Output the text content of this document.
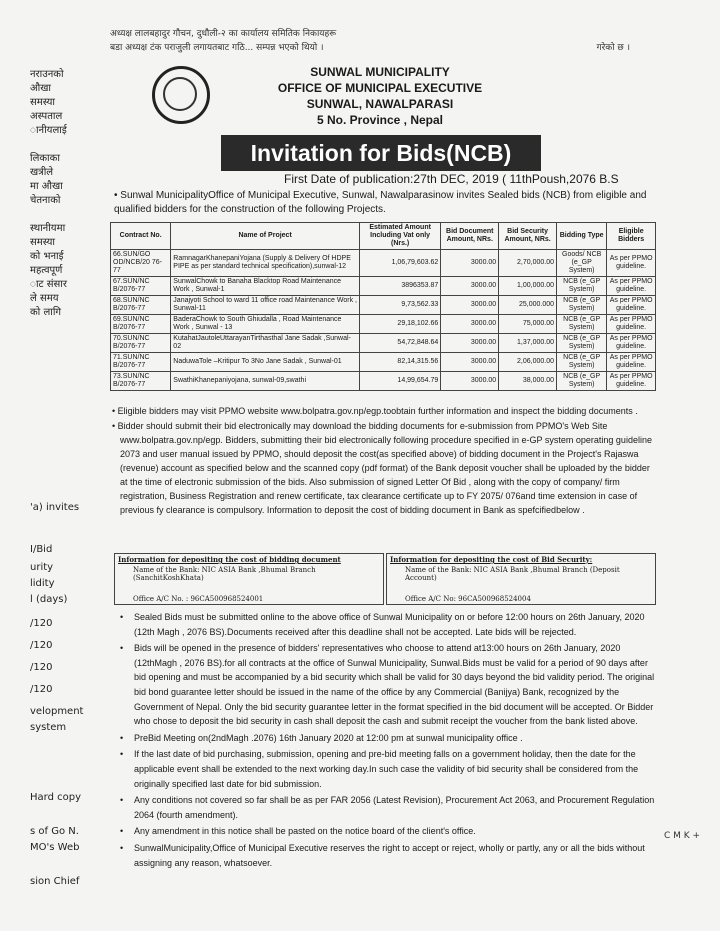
अध्यक्ष लालबहादुर गौचन, दुधौली-२ का कार्यालय समितिक निकायहरू
बडा अध्यक्ष टंक पराजुली लगायतबाट गठि... सम्पन्न भएको थियो ।	गरेको छ ।
नराउनको
औखा
समस्या
अस्पताल
ानीयलाई
लिकाका
खत्रीले
मा औखा
चेतनाको
स्थानीयमा
समस्या
को भनाई
महत्वपूर्ण
ाट संसार
ले समय
को लागि
'a) invites
I/Bid
urity
lidity
l (days)
/120
/120
/120
/120
velopment
system
Hard copy
s of Go N.
MO's Web
sion Chief
SUNWAL MUNICIPALITY
OFFICE OF MUNICIPAL EXECUTIVE
SUNWAL, NAWALPARASI
5 No. Province , Nepal
Invitation for Bids(NCB)
First Date of publication:27th DEC, 2019 ( 11thPoush,2076 B.S
• Sunwal MunicipalityOffice of Municipal Executive, Sunwal, Nawalparasinow invites Sealed bids (NCB) from eligible and qualified bidders for the construction of the following Projects.
Contract No.	Name of Project	Estimated Amount Including Vat only (Nrs.)	Bid Document Amount, NRs.	Bid Security Amount, NRs.	Bidding Type	Eligible Bidders
66.SUN/GO OD/NCB/20 76-77	RamnagarKhanepaniYojana (Supply & Delivery Of HDPE PIPE as per standard technical specification),sunwal-12	1,06,79,603.62	3000.00	2,70,000.00	Goods/ NCB (e_GP System)	As per PPMO guideline.
67.SUN/NC B/2076-77	SunwalChowk to Banaha Blacktop Road Maintenance Work , Sunwal-1	3896353.87	3000.00	1,00,000.00	NCB (e_GP System)	As per PPMO guideline.
68.SUN/NC B/2076-77	Janajyoti School to ward 11 office road Maintenance Work , Sunwal-11	9,73,562.33	3000.00	25,000.000	NCB (e_GP System)	As per PPMO guideline.
69.SUN/NC B/2076-77	BaderaChowk to South Ghiudalla , Road Maintenance Work , Sunwal - 13	29,18,102.66	3000.00	75,000.00	NCB (e_GP System)	As per PPMO guideline.
70.SUN/NC B/2076-77	KutahatJautoleUttarayanTirthasthal Jane Sadak ,Sunwal-02	54,72,848.64	3000.00	1,37,000.00	NCB (e_GP System)	As per PPMO guideline.
71.SUN/NC B/2076-77	NaduwaTole –Kritipur To 3No Jane Sadak , Sunwal-01	82,14,315.56	3000.00	2,06,000.00	NCB (e_GP System)	As per PPMO guideline.
73.SUN/NC B/2076-77	SwathiKhanepaniyojana, sunwal-09,swathi	14,99,654.79	3000.00	38,000.00	NCB (e_GP System)	As per PPMO guideline.

• Eligible bidders may visit PPMO website www.bolpatra.gov.np/egp.toobtain further information and inspect the bidding documents .

• Bidder should submit their bid electronically may download the bidding documents for e-submission from PPMO's Web Site www.bolpatra.gov.np/egp. Bidders, submitting their bid electronically following procedure specified in e-GP system operating guideline 2073 and user manual issued by PPMO, should deposit the cost(as specified above) of bidding document in the Project's Rajaswa (revenue) account as specified below and the scanned copy (pdf format) of the Bank deposit voucher shall be uploaded by the bidder at the time of electronic submission of the bids. Also submission of signed Letter Of Bid , along with the copy of company/ firm registration, Business Registration and renew certificate, tax clearance certificate up to FY 2075/ 076and time extension in case of previous fy clearance is compulsory. Information to deposit the cost of bidding document in Bank as spefcifiedbelow .

Information for depositing the cost of bidding document
Name of the Bank: NIC ASIA Bank ,Bhumal Branch (SanchitKoshKhata)
Office A/C No. : 96CA500968524001
Information for depositing the cost of Bid Security:
Name of the Bank: NIC ASIA Bank ,Bhumal Branch (Deposit Account)
Office A/C No: 96CA500968524004

• Sealed Bids must be submitted online to the above office of Sunwal Municipality on or before 12:00 hours on 26th January, 2020 (12th Magh , 2076 BS).Documents received after this deadline shall not be accepted. Late bids will be rejected.

• Bids will be opened in the presence of bidders' representatives who choose to attend at13:00 hours on 26th January, 2020 (12thMagh , 2076 BS).for all contracts at the office of Sunwal Municipality, Sunwal.Bids must be valid for a period of 90 days after bid opening and must be accompanied by a bid security which shall be valid for 30 days beyond the bid validity period. The original bid bond guarantee letter should be issued in the name of the office by any Commercial (Banijya) Bank, recognized by the Government of Nepal. Only the bid security guarantee letter in the format specified in the bid document will be accepted. Or Bidder who chose to deposit the bid security in cash shall deposit the cash and submit receipt the voucher from the bank listed above.

• PreBid Meeting on(2ndMagh .2076) 16th January 2020 at 12:00 pm at sunwal municipality office .

• If the last date of bid purchasing, submission, opening and pre-bid meeting falls on a government holiday, then the date for the applicable event shall be extended to the next working day.In such case the validity of bid security shall be considered from the originally specified last date for bid submission.

• Any conditions not covered so far shall be as per FAR 2056 (Latest Revision), Procurement Act 2063, and Procurement Regulation 2064 (fourth amendment).

• Any amendment in this notice shall be pasted on the notice board of the client's office.

• SunwalMunicipality,Office of Municipal Executive reserves the right to accept or reject, wholly or partly, any or all the bids without assigning any reason, whatsoever.

C M K +
